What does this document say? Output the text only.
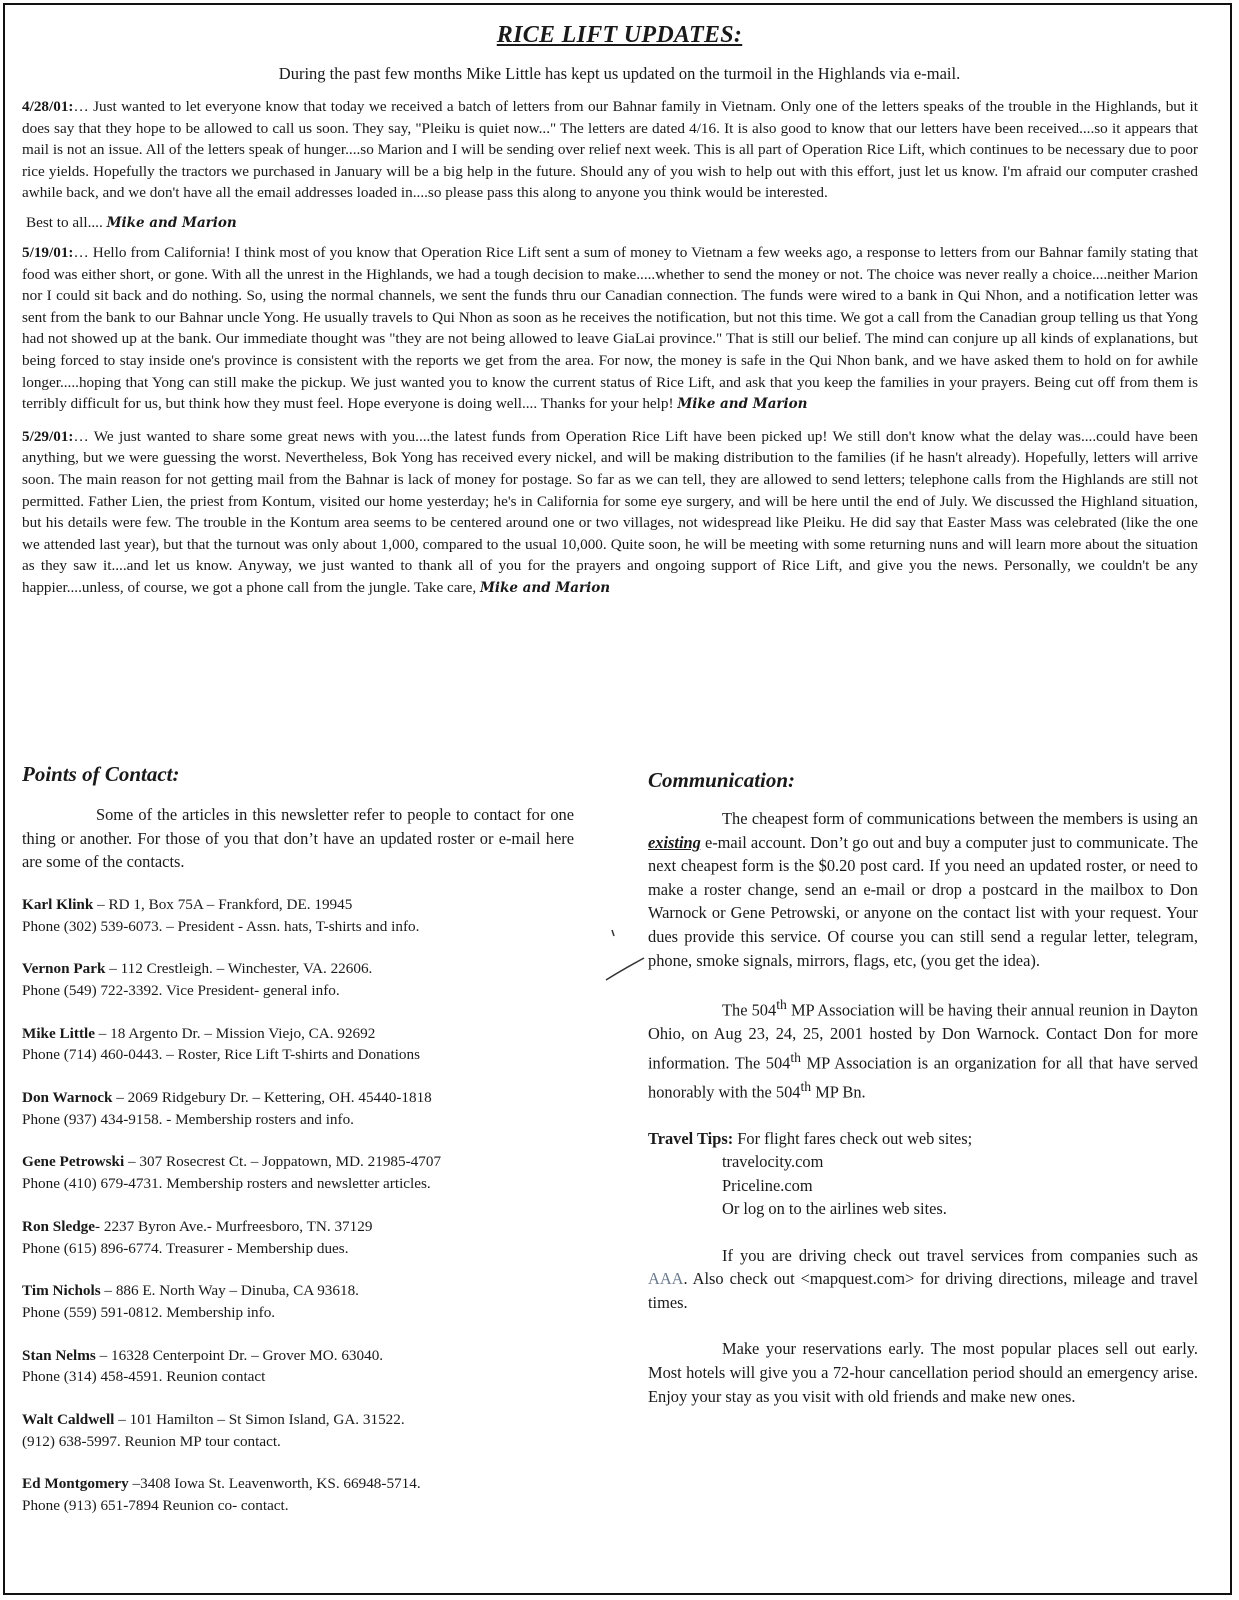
RICE LIFT UPDATES:
During the past few months Mike Little has kept us updated on the turmoil in the Highlands via e-mail.

4/28/01:… Just wanted to let everyone know that today we received a batch of letters from our Bahnar family in Vietnam. Only one of the letters speaks of the trouble in the Highlands, but it does say that they hope to be allowed to call us soon. They say, "Pleiku is quiet now..." The letters are dated 4/16. It is also good to know that our letters have been received....so it appears that mail is not an issue. All of the letters speak of hunger....so Marion and I will be sending over relief next week. This is all part of Operation Rice Lift, which continues to be necessary due to poor rice yields. Hopefully the tractors we purchased in January will be a big help in the future. Should any of you wish to help out with this effort, just let us know. I'm afraid our computer crashed awhile back, and we don't have all the email addresses loaded in....so please pass this along to anyone you think would be interested.

Best to all.... Mike and Marion

5/19/01:… Hello from California! I think most of you know that Operation Rice Lift sent a sum of money to Vietnam a few weeks ago, a response to letters from our Bahnar family stating that food was either short, or gone. With all the unrest in the Highlands, we had a tough decision to make.....whether to send the money or not. The choice was never really a choice....neither Marion nor I could sit back and do nothing. So, using the normal channels, we sent the funds thru our Canadian connection. The funds were wired to a bank in Qui Nhon, and a notification letter was sent from the bank to our Bahnar uncle Yong. He usually travels to Qui Nhon as soon as he receives the notification, but not this time. We got a call from the Canadian group telling us that Yong had not showed up at the bank. Our immediate thought was "they are not being allowed to leave GiaLai province." That is still our belief. The mind can conjure up all kinds of explanations, but being forced to stay inside one's province is consistent with the reports we get from the area. For now, the money is safe in the Qui Nhon bank, and we have asked them to hold on for awhile longer.....hoping that Yong can still make the pickup. We just wanted you to know the current status of Rice Lift, and ask that you keep the families in your prayers. Being cut off from them is terribly difficult for us, but think how they must feel. Hope everyone is doing well.... Thanks for your help! Mike and Marion

5/29/01:… We just wanted to share some great news with you....the latest funds from Operation Rice Lift have been picked up! We still don't know what the delay was....could have been anything, but we were guessing the worst. Nevertheless, Bok Yong has received every nickel, and will be making distribution to the families (if he hasn't already). Hopefully, letters will arrive soon. The main reason for not getting mail from the Bahnar is lack of money for postage. So far as we can tell, they are allowed to send letters; telephone calls from the Highlands are still not permitted. Father Lien, the priest from Kontum, visited our home yesterday; he's in California for some eye surgery, and will be here until the end of July. We discussed the Highland situation, but his details were few. The trouble in the Kontum area seems to be centered around one or two villages, not widespread like Pleiku. He did say that Easter Mass was celebrated (like the one we attended last year), but that the turnout was only about 1,000, compared to the usual 10,000. Quite soon, he will be meeting with some returning nuns and will learn more about the situation as they saw it....and let us know. Anyway, we just wanted to thank all of you for the prayers and ongoing support of Rice Lift, and give you the news. Personally, we couldn't be any happier....unless, of course, we got a phone call from the jungle. Take care, Mike and Marion

Points of Contact:

Some of the articles in this newsletter refer to people to contact for one thing or another. For those of you that don’t have an updated roster or e-mail here are some of the contacts.

Karl Klink – RD 1, Box 75A – Frankford, DE. 19945
Phone (302) 539-6073. – President - Assn. hats, T-shirts and info.
Vernon Park – 112 Crestleigh. – Winchester, VA. 22606.
Phone (549) 722-3392. Vice President- general info.
Mike Little – 18 Argento Dr. – Mission Viejo, CA. 92692
Phone (714) 460-0443. – Roster, Rice Lift T-shirts and Donations
Don Warnock – 2069 Ridgebury Dr. – Kettering, OH. 45440-1818
Phone (937) 434-9158. - Membership rosters and info.
Gene Petrowski – 307 Rosecrest Ct. – Joppatown, MD. 21985-4707
Phone (410) 679-4731. Membership rosters and newsletter articles.
Ron Sledge- 2237 Byron Ave.- Murfreesboro, TN. 37129
Phone (615) 896-6774. Treasurer - Membership dues.
Tim Nichols – 886 E. North Way – Dinuba, CA 93618.
Phone (559) 591-0812. Membership info.
Stan Nelms – 16328 Centerpoint Dr. – Grover MO. 63040.
Phone (314) 458-4591. Reunion contact
Walt Caldwell – 101 Hamilton – St Simon Island, GA. 31522.
(912) 638-5997. Reunion MP tour contact.
Ed Montgomery –3408 Iowa St. Leavenworth, KS. 66948-5714.
Phone (913) 651-7894 Reunion co- contact.
Communication:

The cheapest form of communications between the members is using an existing e-mail account. Don’t go out and buy a computer just to communicate. The next cheapest form is the $0.20 post card. If you need an updated roster, or need to make a roster change, send an e-mail or drop a postcard in the mailbox to Don Warnock or Gene Petrowski, or anyone on the contact list with your request. Your dues provide this service. Of course you can still send a regular letter, telegram, phone, smoke signals, mirrors, flags, etc, (you get the idea).

The 504th MP Association will be having their annual reunion in Dayton Ohio, on Aug 23, 24, 25, 2001 hosted by Don Warnock. Contact Don for more information. The 504th MP Association is an organization for all that have served honorably with the 504th MP Bn.

Travel Tips: For flight fares check out web sites;
travelocity.com
Priceline.com
Or log on to the airlines web sites.

If you are driving check out travel services from companies such as AAA. Also check out <mapquest.com> for driving directions, mileage and travel times.

Make your reservations early. The most popular places sell out early. Most hotels will give you a 72-hour cancellation period should an emergency arise. Enjoy your stay as you visit with old friends and make new ones.
